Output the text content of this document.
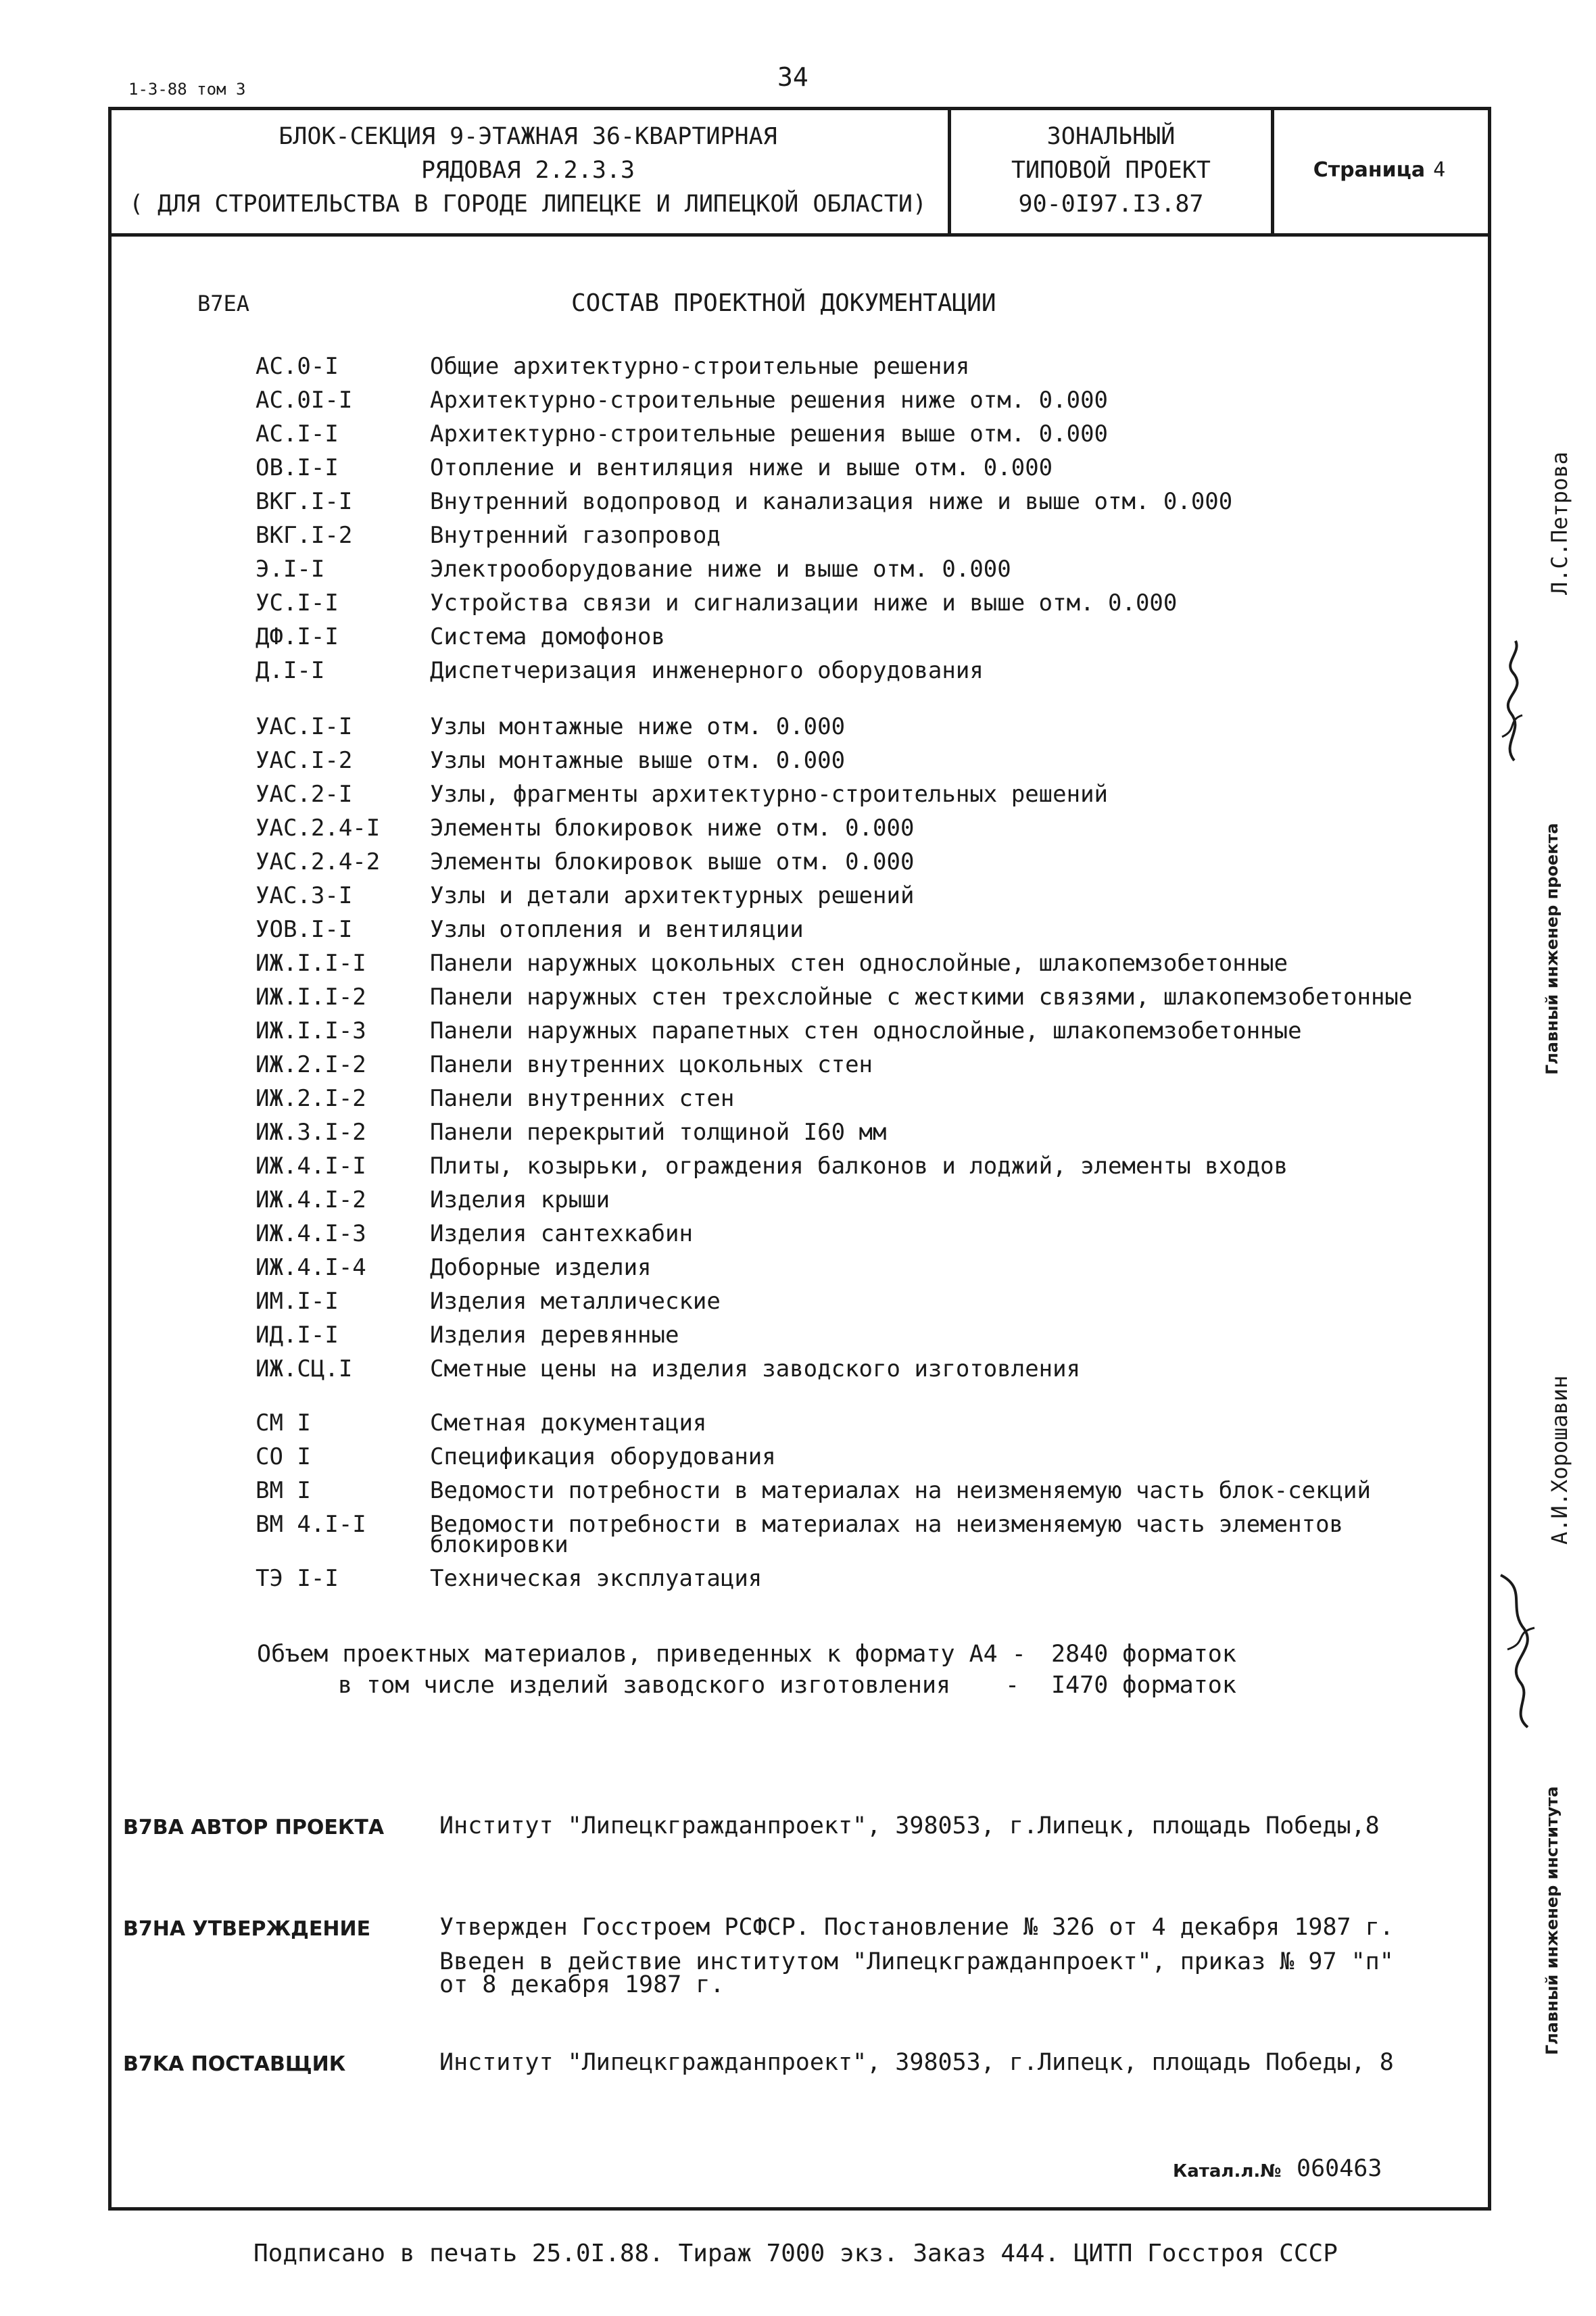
1-3-88 том 3	34
БЛОК-СЕКЦИЯ 9-ЭТАЖНАЯ 36-КВАРТИРНАЯ
РЯДОВАЯ 2.2.3.3
( ДЛЯ СТРОИТЕЛЬСТВА В ГОРОДЕ ЛИПЕЦКЕ И ЛИПЕЦКОЙ ОБЛАСТИ)
ЗОНАЛЬНЫЙ
ТИПОВОЙ ПРОЕКТ
90-0I97.I3.87
Страница 4
B7EA	СОСТАВ ПРОЕКТНОЙ ДОКУМЕНТАЦИИ
АС.0-I	Общие архитектурно-строительные решения
АС.0I-I	Архитектурно-строительные решения ниже отм. 0.000
АС.I-I	Архитектурно-строительные решения выше отм. 0.000
ОВ.I-I	Отопление и вентиляция ниже и выше отм. 0.000
ВКГ.I-I	Внутренний водопровод и канализация ниже и выше отм. 0.000
ВКГ.I-2	Внутренний газопровод
Э.I-I	Электрооборудование ниже и выше отм. 0.000
УС.I-I	Устройства связи и сигнализации ниже и выше отм. 0.000
ДФ.I-I	Система домофонов
Д.I-I	Диспетчеризация инженерного оборудования
УАС.I-I	Узлы монтажные ниже отм. 0.000
УАС.I-2	Узлы монтажные выше отм. 0.000
УАС.2-I	Узлы, фрагменты архитектурно-строительных решений
УАС.2.4-I Элементы блокировок ниже отм. 0.000
УАС.2.4-2 Элементы блокировок выше отм. 0.000
УАС.3-I	Узлы и детали архитектурных решений
УОВ.I-I	Узлы отопления и вентиляции
ИЖ.I.I-I	Панели наружных цокольных стен однослойные, шлакопемзобетонные
ИЖ.I.I-2	Панели наружных стен трехслойные с жесткими связями, шлакопемзобетонные
ИЖ.I.I-3	Панели наружных парапетных стен однослойные, шлакопемзобетонные
ИЖ.2.I-2	Панели внутренних цокольных стен
ИЖ.2.I-2	Панели внутренних стен
ИЖ.3.I-2	Панели перекрытий толщиной I60 мм
ИЖ.4.I-I	Плиты, козырьки, ограждения балконов и лоджий, элементы входов
ИЖ.4.I-2	Изделия крыши
ИЖ.4.I-3	Изделия сантехкабин
ИЖ.4.I-4	Доборные изделия
ИМ.I-I	Изделия металлические
ИД.I-I	Изделия деревянные
ИЖ.СЦ.I	Сметные цены на изделия заводского изготовления
СМ I	Сметная документация
СО I	Спецификация оборудования
ВМ I	Ведомости потребности в материалах на неизменяемую часть блок-секций
ВМ 4.I-I	Ведомости потребности в материалах на неизменяемую часть элементов
блокировки
ТЭ I-I	Техническая эксплуатация
Объем проектных материалов, приведенных к формату А4 - 2840 форматок
в том числе изделий заводского изготовления - I470 форматок
B7BA АВТОР ПРОЕКТА Институт "Липецкгражданпроект", 398053, г.Липецк, площадь Победы,8
B7HA УТВЕРЖДЕНИЕ	Утвержден Госстроем РСФСР. Постановление № 326 от 4 декабря 1987 г.
Введен в действие институтом "Липецкгражданпроект", приказ № 97 "п"
от 8 декабря 1987 г.
B7KA ПОСТАВЩИК	Институт "Липецкгражданпроект", 398053, г.Липецк, площадь Победы, 8
Катал.л.№ 060463
Подписано в печать 25.0I.88. Тираж 7000 экз. Заказ 444. ЦИТП Госстроя СССР
Главный инженер проекта
Л.С.Петрова
Главный инженер института
А.И.Хорошавин
